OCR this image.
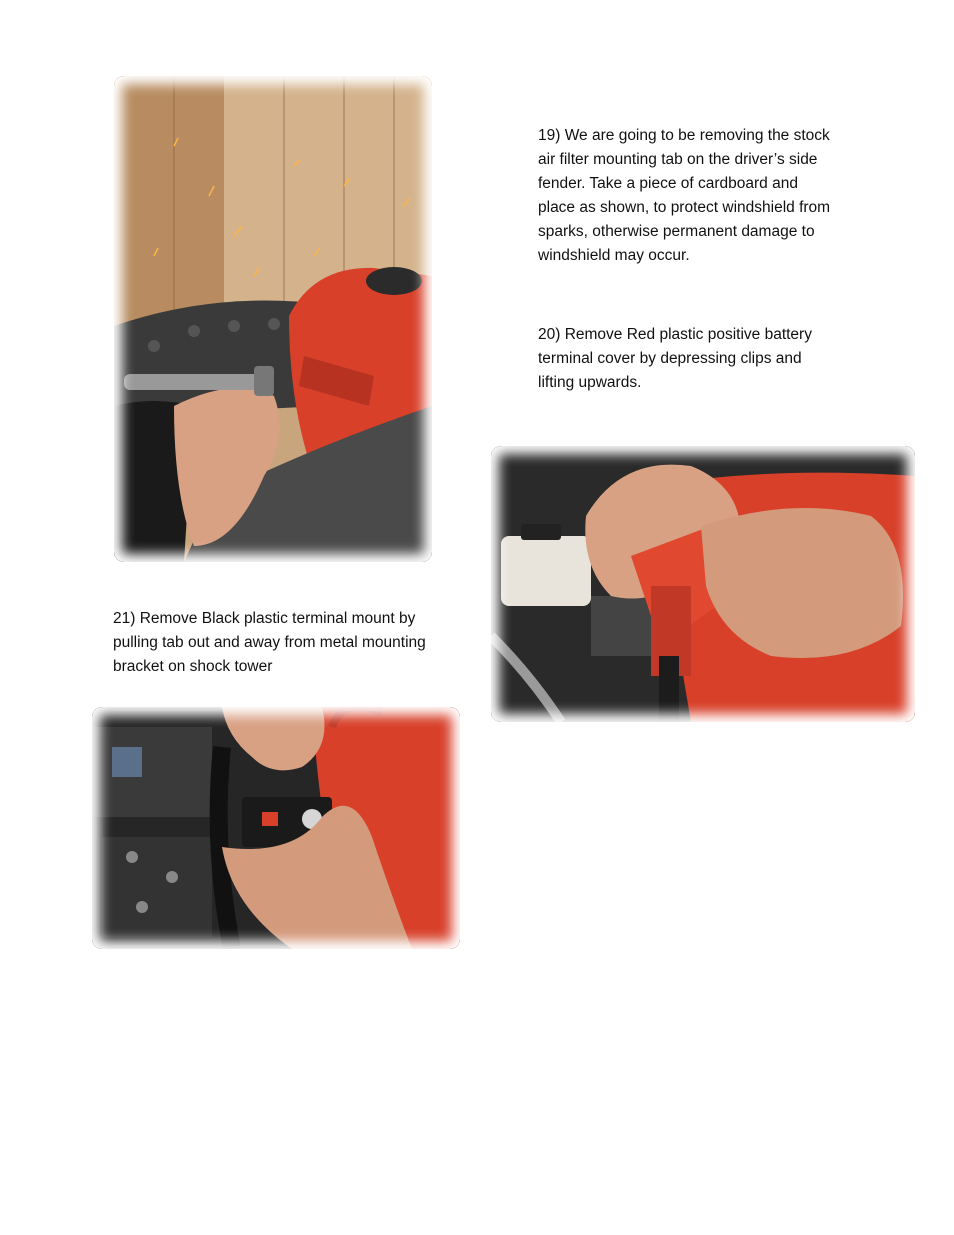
19) We are going to be removing the stock
air filter mounting tab on the driver’s side
fender. Take a piece of cardboard and
place as shown, to protect windshield from
sparks, otherwise permanent damage to
windshield may occur.
20) Remove Red plastic positive battery
terminal cover by depressing clips and
lifting upwards.
21) Remove Black plastic terminal mount by
pulling tab out and away from metal mounting
bracket on shock tower
